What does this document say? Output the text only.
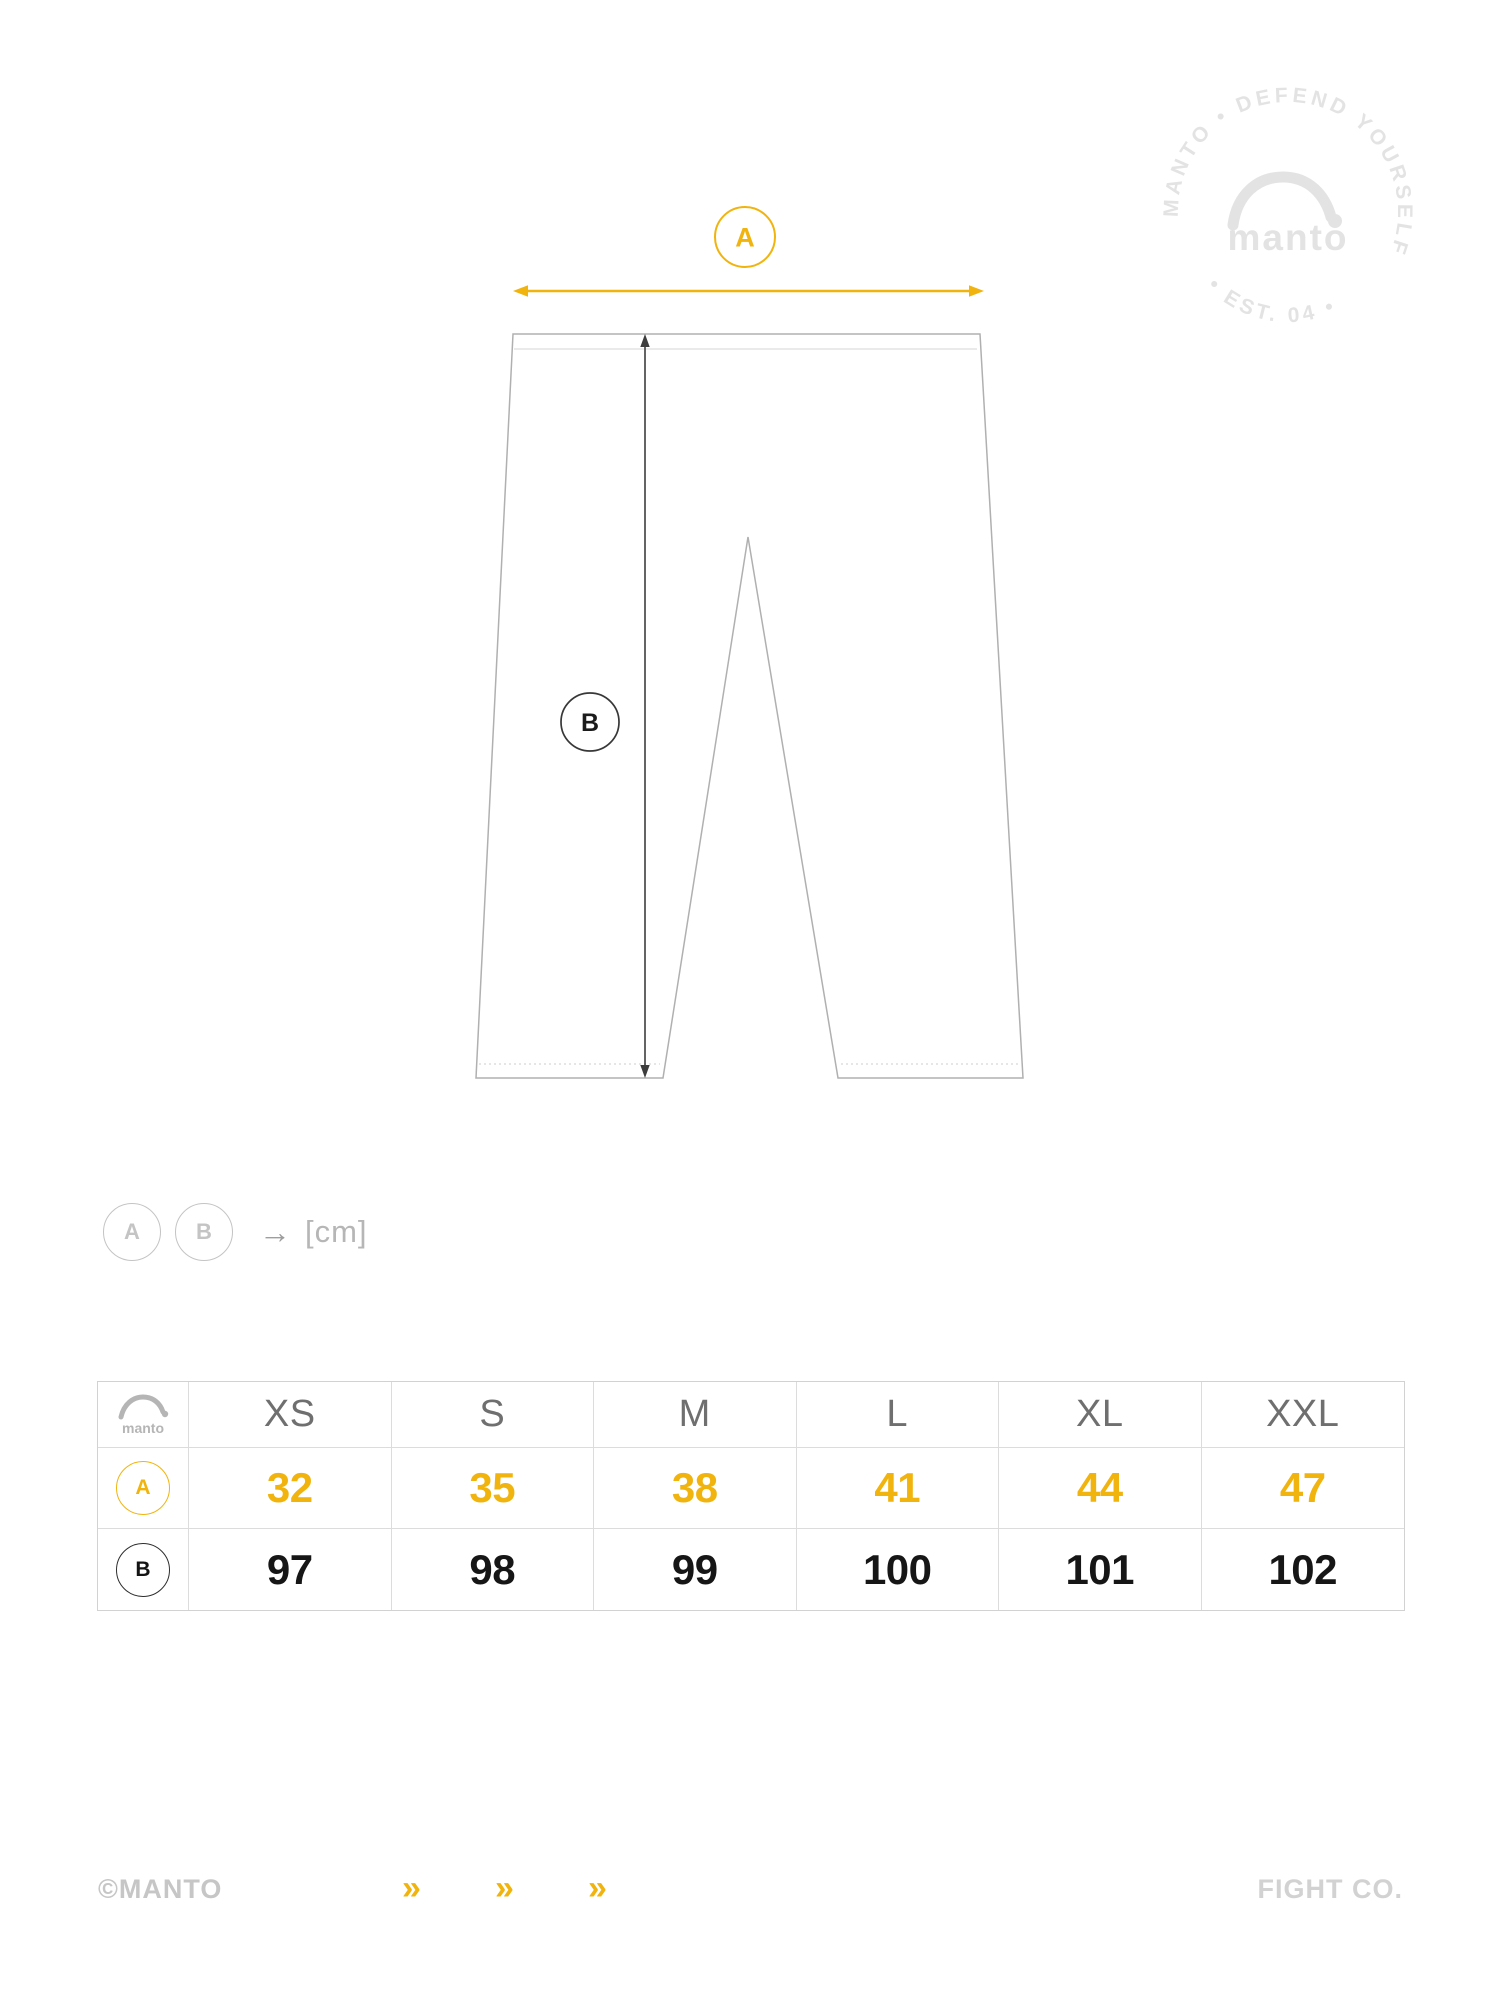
MANTO • DEFEND YOURSELF
• EST. 04 •
manto
A
B
A	B	→ [cm]
manto	XS	S	M	L	XL	XXL
A	32	35	38	41	44	47
B	97	98	99	100	101	102
©MANTO	»	»	»	FIGHT CO.
